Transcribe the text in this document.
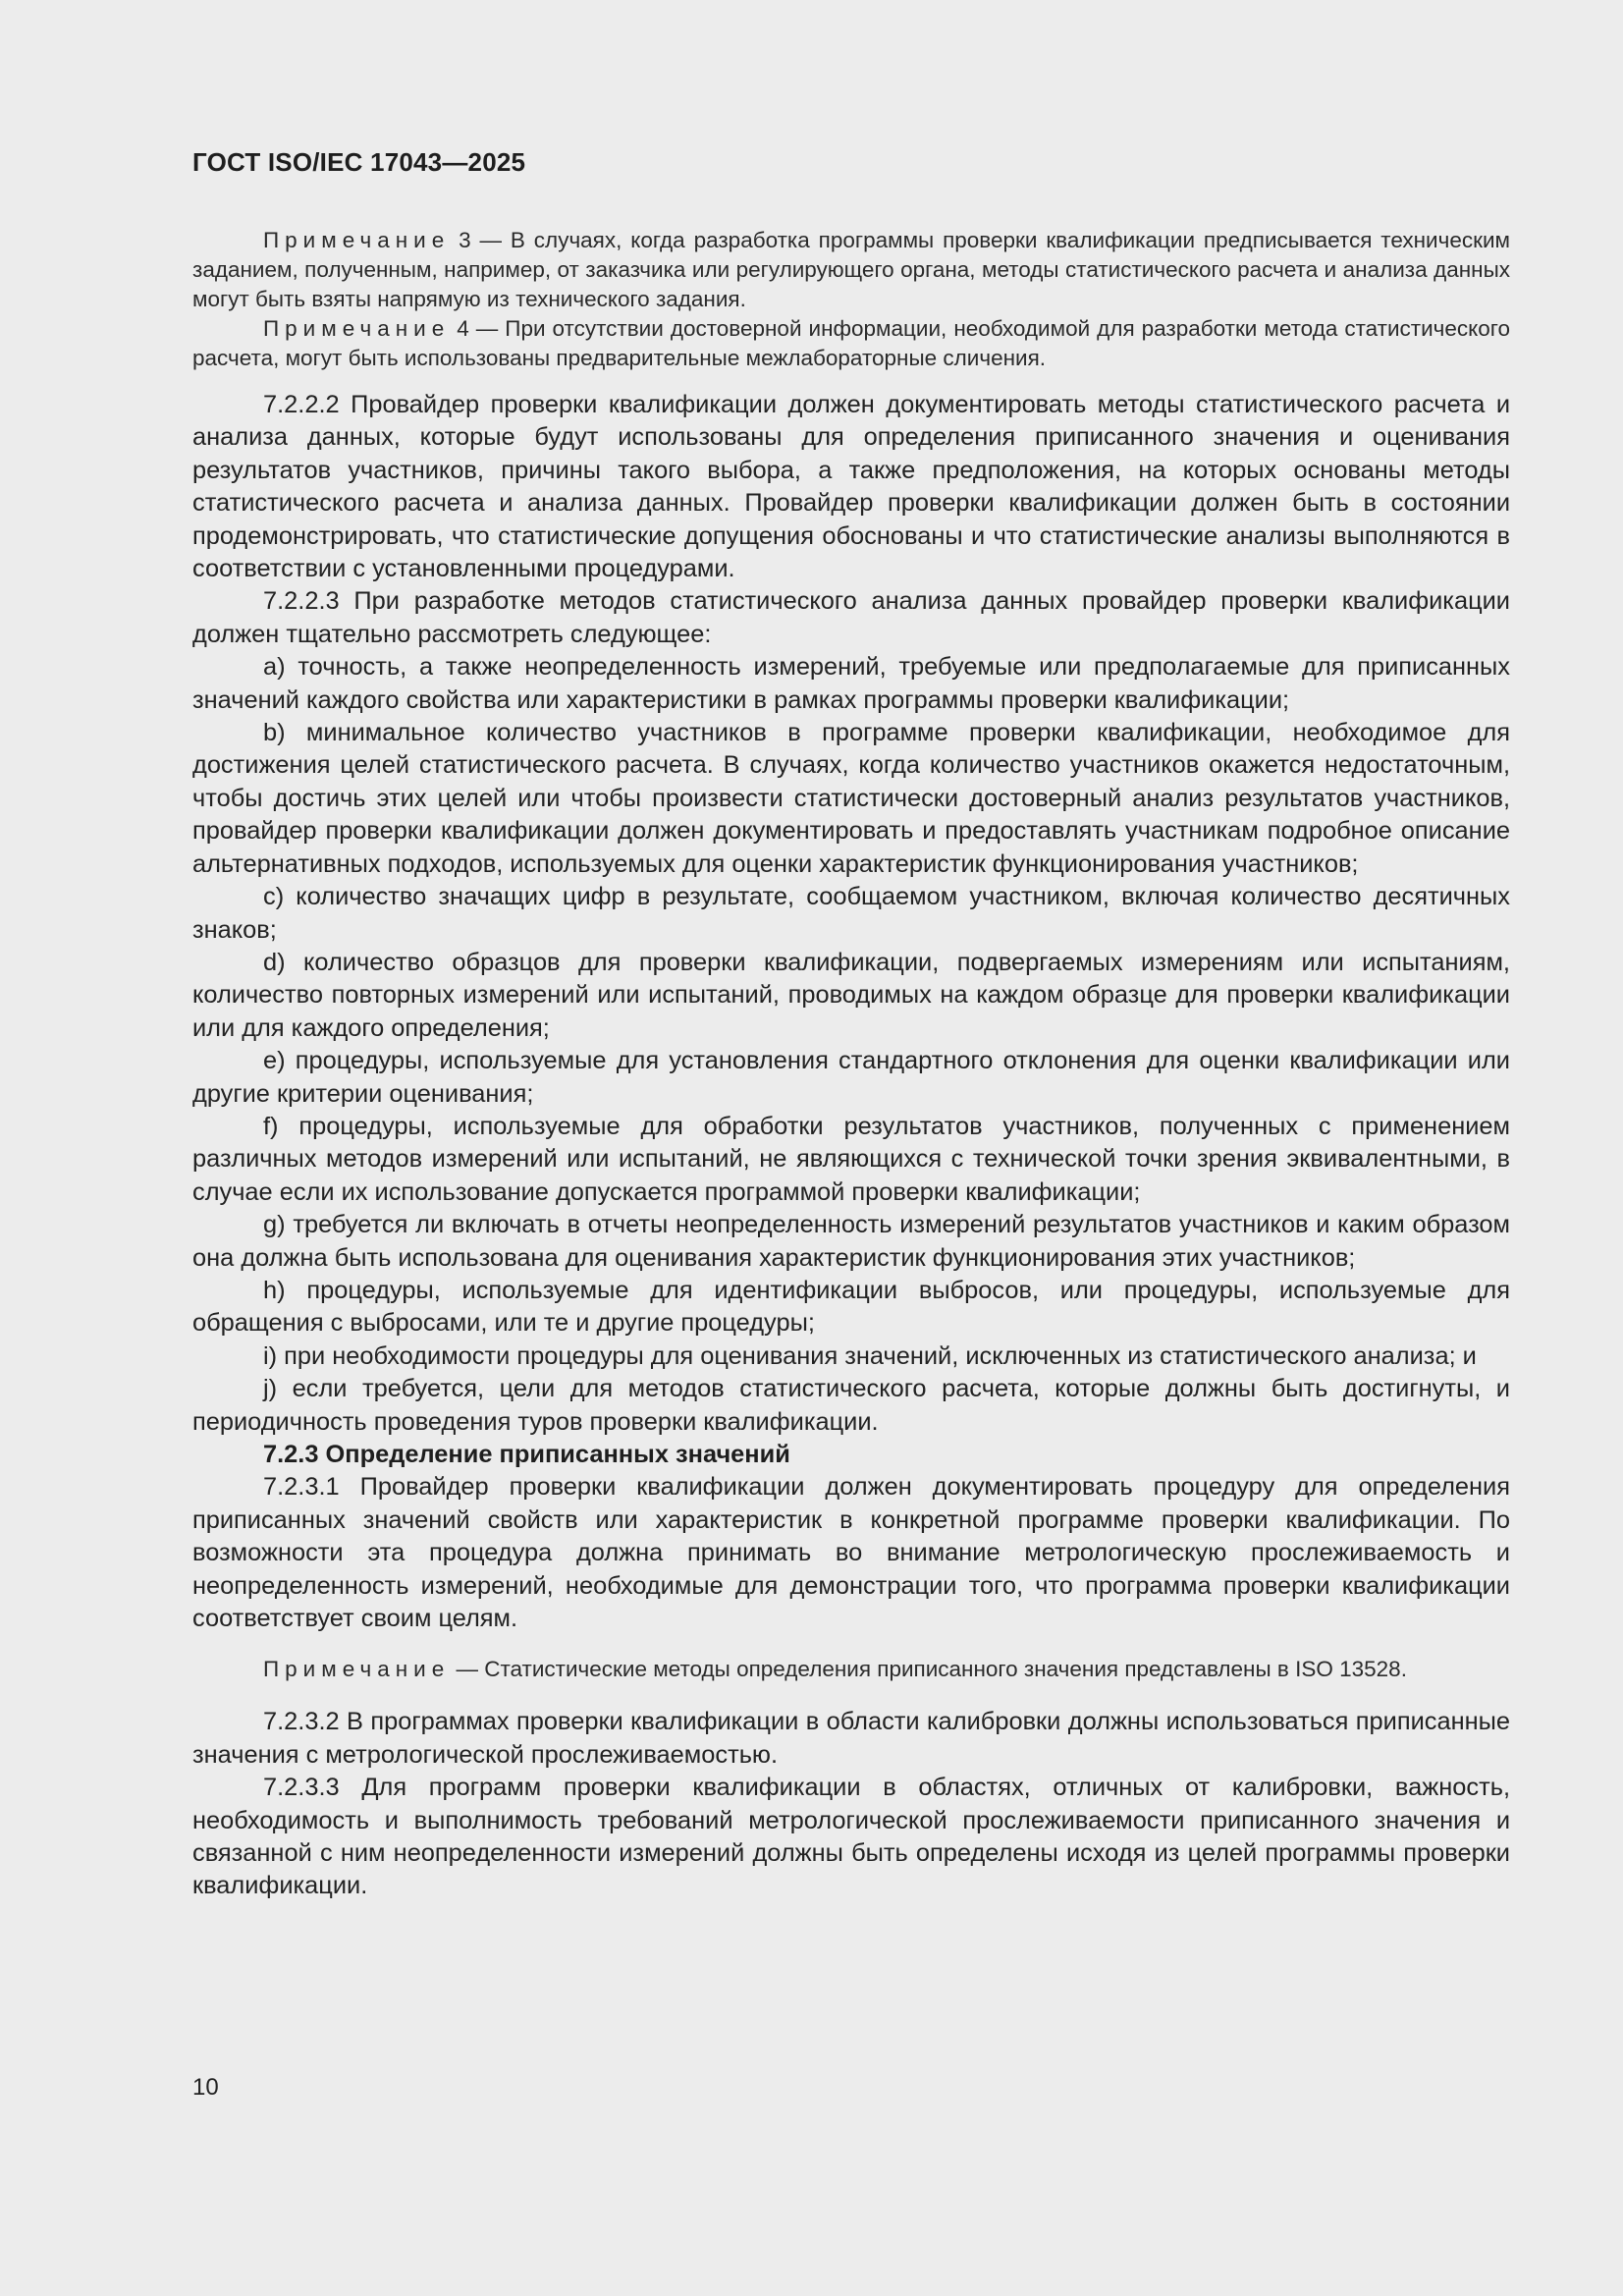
ГОСТ ISO/IEC 17043—2025

Примечание 3 — В случаях, когда разработка программы проверки квалификации предписывается техническим заданием, полученным, например, от заказчика или регулирующего органа, методы статистического расчета и анализа данных могут быть взяты напрямую из технического задания.

Примечание 4 — При отсутствии достоверной информации, необходимой для разработки метода статистического расчета, могут быть использованы предварительные межлабораторные сличения.

7.2.2.2 Провайдер проверки квалификации должен документировать методы статистического расчета и анализа данных, которые будут использованы для определения приписанного значения и оценивания результатов участников, причины такого выбора, а также предположения, на которых основаны методы статистического расчета и анализа данных. Провайдер проверки квалификации должен быть в состоянии продемонстрировать, что статистические допущения обоснованы и что статистические анализы выполняются в соответствии с установленными процедурами.

7.2.2.3 При разработке методов статистического анализа данных провайдер проверки квалификации должен тщательно рассмотреть следующее:

a) точность, а также неопределенность измерений, требуемые или предполагаемые для приписанных значений каждого свойства или характеристики в рамках программы проверки квалификации;

b) минимальное количество участников в программе проверки квалификации, необходимое для достижения целей статистического расчета. В случаях, когда количество участников окажется недостаточным, чтобы достичь этих целей или чтобы произвести статистически достоверный анализ результатов участников, провайдер проверки квалификации должен документировать и предоставлять участникам подробное описание альтернативных подходов, используемых для оценки характеристик функционирования участников;

c) количество значащих цифр в результате, сообщаемом участником, включая количество десятичных знаков;

d) количество образцов для проверки квалификации, подвергаемых измерениям или испытаниям, количество повторных измерений или испытаний, проводимых на каждом образце для проверки квалификации или для каждого определения;

e) процедуры, используемые для установления стандартного отклонения для оценки квалификации или другие критерии оценивания;

f) процедуры, используемые для обработки результатов участников, полученных с применением различных методов измерений или испытаний, не являющихся с технической точки зрения эквивалентными, в случае если их использование допускается программой проверки квалификации;

g) требуется ли включать в отчеты неопределенность измерений результатов участников и каким образом она должна быть использована для оценивания характеристик функционирования этих участников;

h) процедуры, используемые для идентификации выбросов, или процедуры, используемые для обращения с выбросами, или те и другие процедуры;

i) при необходимости процедуры для оценивания значений, исключенных из статистического анализа; и

j) если требуется, цели для методов статистического расчета, которые должны быть достигнуты, и периодичность проведения туров проверки квалификации.

7.2.3 Определение приписанных значений

7.2.3.1 Провайдер проверки квалификации должен документировать процедуру для определения приписанных значений свойств или характеристик в конкретной программе проверки квалификации. По возможности эта процедура должна принимать во внимание метрологическую прослеживаемость и неопределенность измерений, необходимые для демонстрации того, что программа проверки квалификации соответствует своим целям.

Примечание — Статистические методы определения приписанного значения представлены в ISO 13528.

7.2.3.2 В программах проверки квалификации в области калибровки должны использоваться приписанные значения с метрологической прослеживаемостью.

7.2.3.3 Для программ проверки квалификации в областях, отличных от калибровки, важность, необходимость и выполнимость требований метрологической прослеживаемости приписанного значения и связанной с ним неопределенности измерений должны быть определены исходя из целей программы проверки квалификации.

10
